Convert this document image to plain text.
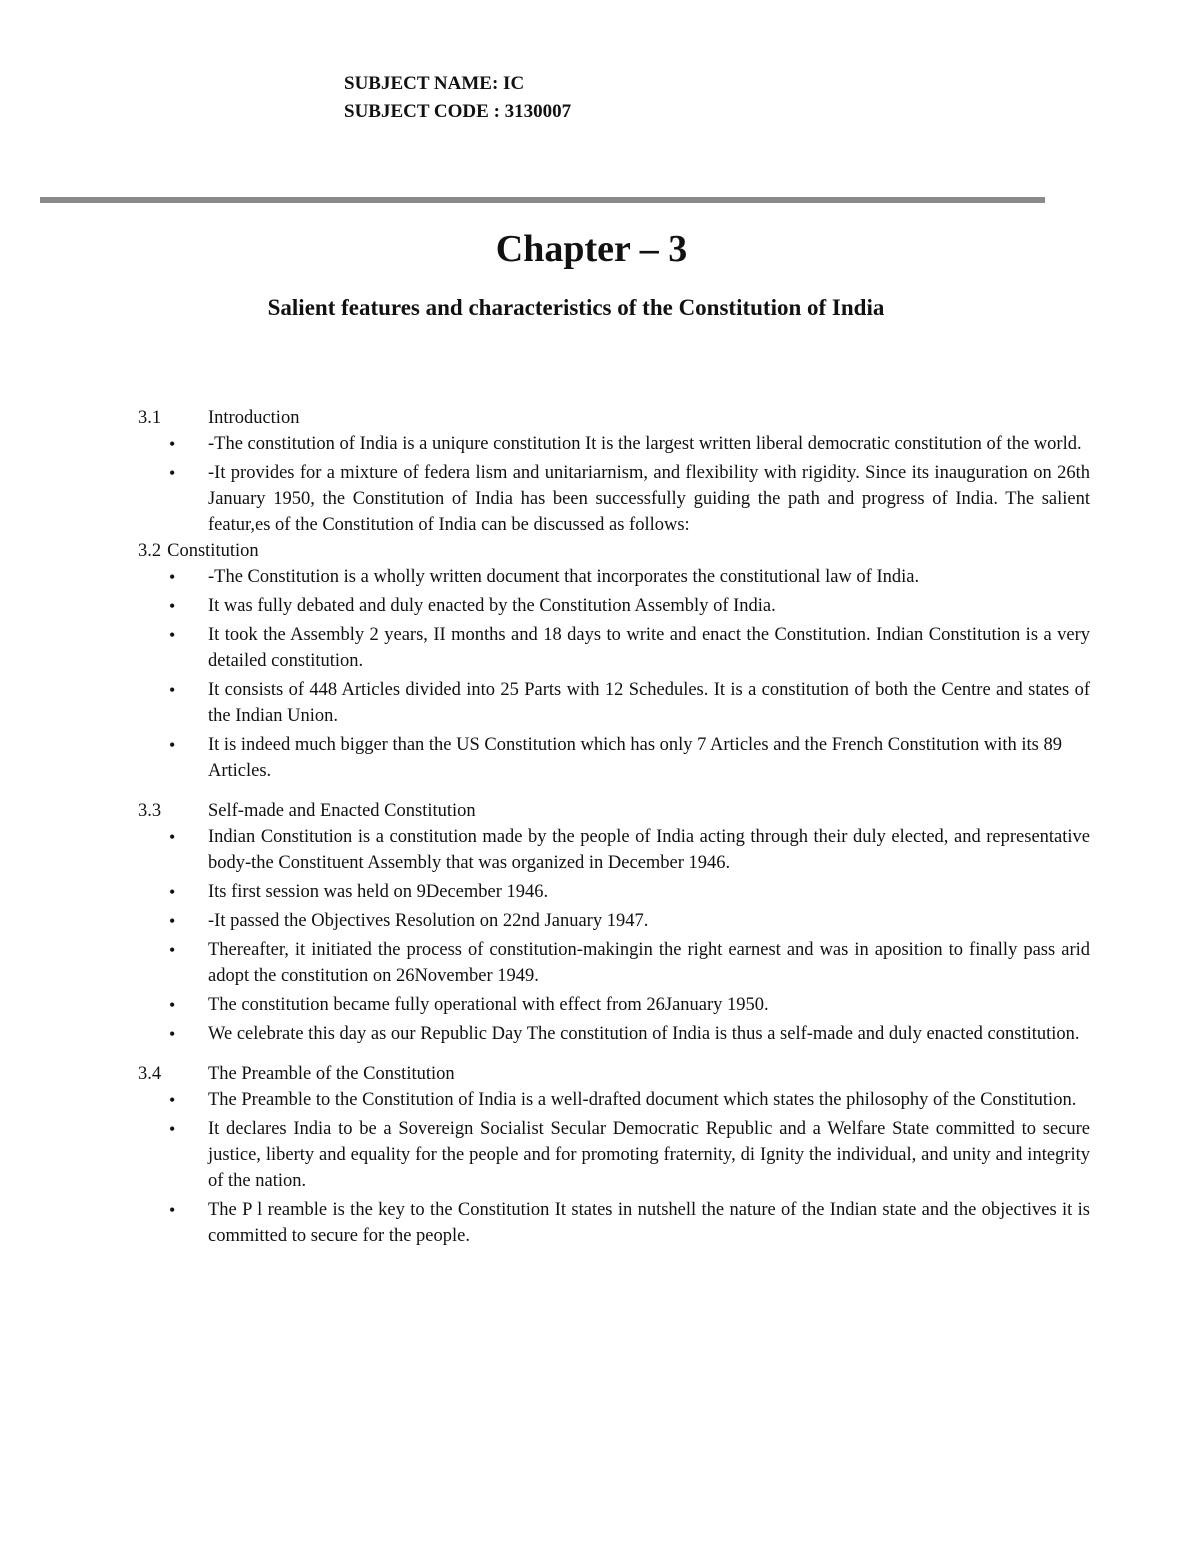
SUBJECT NAME: IC
SUBJECT CODE : 3130007
Chapter – 3
Salient features and characteristics of the Constitution of India
3.1	Introduction
• -The constitution of India is a uniqure constitution It is the largest written liberal democratic constitution of the world.
• -It provides for a mixture of federa lism and unitariarnism, and flexibility with rigidity. Since its inauguration on 26th January 1950, the Constitution of India has been successfully guiding the path and progress of India. The salient featur,es of the Constitution of India can be discussed as follows:
3.2 Constitution
• -The Constitution is a wholly written document that incorporates the constitutional law of India.
• It was fully debated and duly enacted by the Constitution Assembly of India.
• It took the Assembly 2 years, II months and 18 days to write and enact the Constitution. Indian Constitution is a very detailed constitution.
• It consists of 448 Articles divided into 25 Parts with 12 Schedules. It is a constitution of both the Centre and states of the Indian Union.
• It is indeed much bigger than the US Constitution which has only 7 Articles and the French Constitution with its 89 Articles.
3.3	Self-made and Enacted Constitution
• Indian Constitution is a constitution made by the people of India acting through their duly elected, and representative body-the Constituent Assembly that was organized in December 1946.
• Its first session was held on 9December 1946.
• -It passed the Objectives Resolution on 22nd January 1947.
• Thereafter, it initiated the process of constitution-makingin the right earnest and was in aposition to finally pass arid adopt the constitution on 26November 1949.
• The constitution became fully operational with effect from 26January 1950.
• We celebrate this day as our Republic Day The constitution of India is thus a self-made and duly enacted constitution.
3.4	The Preamble of the Constitution
• The Preamble to the Constitution of India is a well-drafted document which states the philosophy of the Constitution.
• It declares India to be a Sovereign Socialist Secular Democratic Republic and a Welfare State committed to secure justice, liberty and equality for the people and for promoting fraternity, di Ignity the individual, and unity and integrity of the nation.
• The P l reamble is the key to the Constitution It states in nutshell the nature of the Indian state and the objectives it is committed to secure for the people.
